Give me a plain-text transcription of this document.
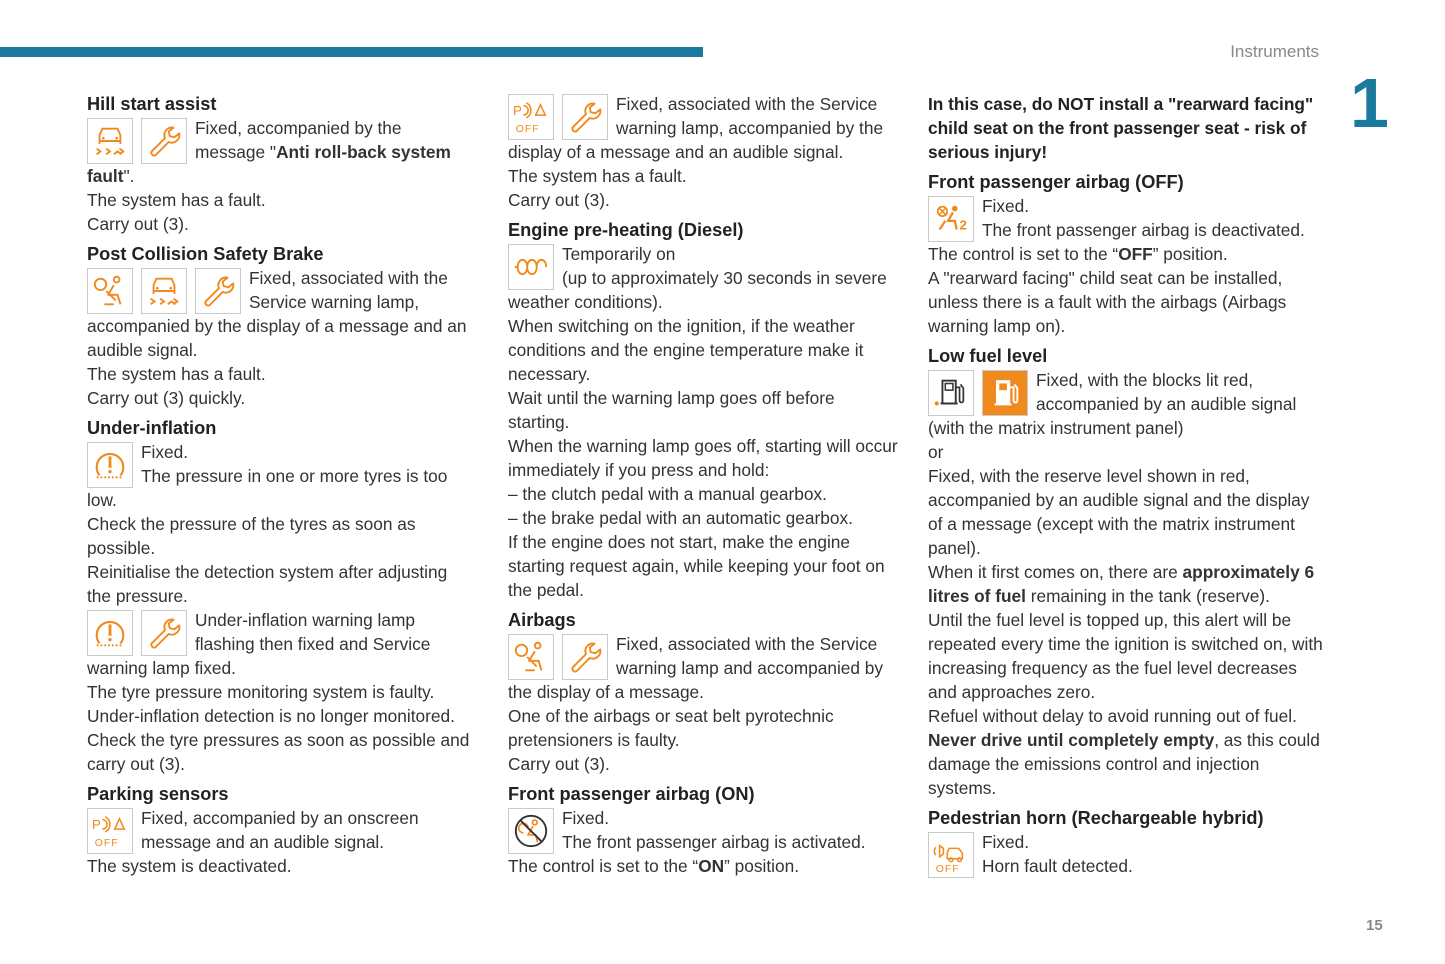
Instruments
1
15
Hill start assist

Fixed, accompanied by the message "Anti roll-back system fault".

The system has a fault.

Carry out (3).

Post Collision Safety Brake

Fixed, associated with the Service warning lamp, accompanied by the display of a message and an audible signal.

The system has a fault.

Carry out (3) quickly.

Under-inflation

Fixed.

The pressure in one or more tyres is too low.

Check the pressure of the tyres as soon as possible.

Reinitialise the detection system after adjusting the pressure.

Under-inflation warning lamp flashing then fixed and Service warning lamp fixed.

The tyre pressure monitoring system is faulty.

Under-inflation detection is no longer monitored.

Check the tyre pressures as soon as possible and carry out (3).

Parking sensors

Fixed, accompanied by an onscreen message and an audible signal.

The system is deactivated.

Fixed, associated with the Service warning lamp, accompanied by the display of a message and an audible signal.

The system has a fault.

Carry out (3).

Engine pre-heating (Diesel)

Temporarily on

(up to approximately 30 seconds in severe weather conditions).

When switching on the ignition, if the weather conditions and the engine temperature make it necessary.

Wait until the warning lamp goes off before starting.

When the warning lamp goes off, starting will occur immediately if you press and hold:

– the clutch pedal with a manual gearbox.

– the brake pedal with an automatic gearbox.

If the engine does not start, make the engine starting request again, while keeping your foot on the pedal.

Airbags

Fixed, associated with the Service warning lamp and accompanied by the display of a message.

One of the airbags or seat belt pyrotechnic pretensioners is faulty.

Carry out (3).

Front passenger airbag (ON)

Fixed.

The front passenger airbag is activated.

The control is set to the “ON” position.

In this case, do NOT install a "rearward facing" child seat on the front passenger seat - risk of serious injury!

Front passenger airbag (OFF)

Fixed.

The front passenger airbag is deactivated.

The control is set to the “OFF” position.

A "rearward facing" child seat can be installed, unless there is a fault with the airbags (Airbags warning lamp on).

Low fuel level

Fixed, with the blocks lit red, accompanied by an audible signal (with the matrix instrument panel)

or

Fixed, with the reserve level shown in red, accompanied by an audible signal and the display of a message (except with the matrix instrument panel).

When it first comes on, there are approximately 6 litres of fuel remaining in the tank (reserve).

Until the fuel level is topped up, this alert will be repeated every time the ignition is switched on, with increasing frequency as the fuel level decreases and approaches zero.

Refuel without delay to avoid running out of fuel.

Never drive until completely empty, as this could damage the emissions control and injection systems.

Pedestrian horn (Rechargeable hybrid)

Fixed.

Horn fault detected.
